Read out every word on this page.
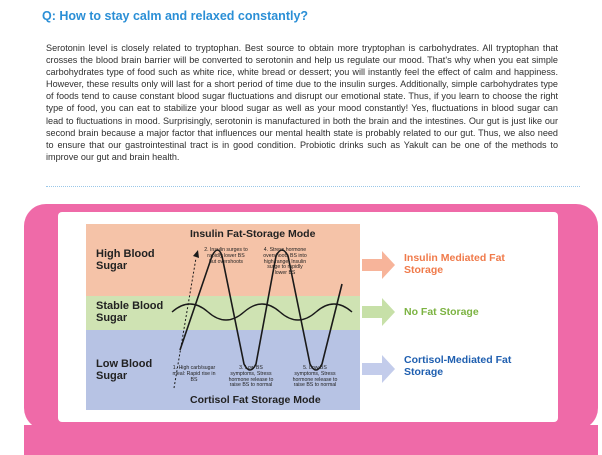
Q: How to stay calm and relaxed constantly?
Serotonin level is closely related to tryptophan. Best source to obtain more tryptophan is carbohydrates. All tryptophan that crosses the blood brain barrier will be converted to serotonin and help us regulate our mood. That's why when you eat simple carbohydrates type of food such as white rice, white bread or dessert; you will instantly feel the effect of calm and happiness. However, these results only will last for a short period of time due to the insulin surges. Additionally, simple carbohydrates type of foods tend to cause constant blood sugar fluctuations and disrupt our emotional state. Thus, if you learn to choose the right type of food, you can eat to stabilize your blood sugar as well as your mood constantly! Yes, fluctuations in blood sugar can lead to fluctuations in mood. Surprisingly, serotonin is manufactured in both the brain and the intestines. Our gut is just like our second brain because a major factor that influences our mental health state is probably related to our gut. Thus, we also need to ensure that our gastrointestinal tract is in good condition. Probiotic drinks such as Yakult can be one of the methods to improve our gut and brain health.
Insulin Fat-Storage Mode
Cortisol Fat Storage Mode
High Blood Sugar
Stable Blood Sugar
Low Blood Sugar
2. Insulin surges to rapidly lower BS but overshoots
4. Stress hormone overshoots BS into high range. Insulin surge to rapidly lower BS
1. High carb/sugar meal: Rapid rise in BS
3. Low BS symptoms, Stress hormone release to raise BS to normal
5. Low BS symptoms, Stress hormone release to raise BS to normal
Insulin Mediated Fat Storage
No Fat Storage
Cortisol-Mediated Fat Storage
